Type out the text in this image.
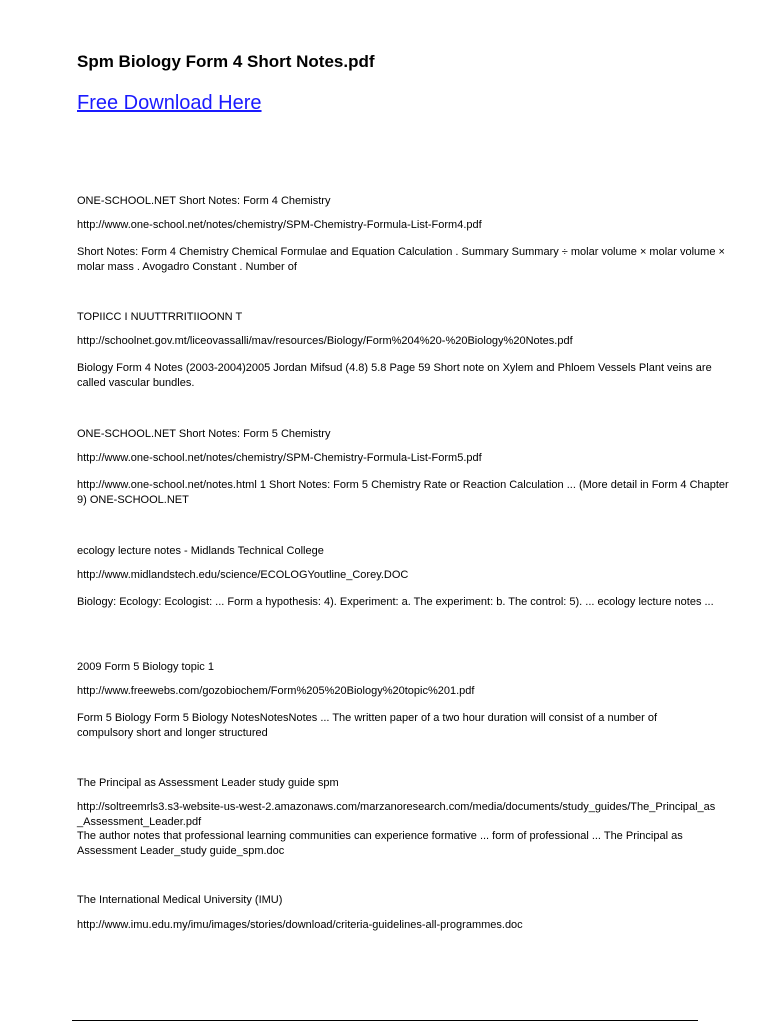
Spm Biology Form 4 Short Notes.pdf
Free Download Here

ONE-SCHOOL.NET Short Notes: Form 4 Chemistry

http://www.one-school.net/notes/chemistry/SPM-Chemistry-Formula-List-Form4.pdf

Short Notes: Form 4 Chemistry Chemical Formulae and Equation Calculation . Summary Summary ÷ molar volume × molar volume × molar mass . Avogadro Constant . Number of

TOPIICC I NUUTTRRITIIOONN T

http://schoolnet.gov.mt/liceovassalli/mav/resources/Biology/Form%204%20-%20Biology%20Notes.pdf

Biology Form 4 Notes (2003-2004)2005 Jordan Mifsud (4.8) 5.8 Page 59 Short note on Xylem and Phloem Vessels Plant veins are called vascular bundles.

ONE-SCHOOL.NET Short Notes: Form 5 Chemistry

http://www.one-school.net/notes/chemistry/SPM-Chemistry-Formula-List-Form5.pdf

http://www.one-school.net/notes.html 1 Short Notes: Form 5 Chemistry Rate or Reaction Calculation ... (More detail in Form 4 Chapter 9) ONE-SCHOOL.NET

ecology lecture notes - Midlands Technical College

http://www.midlandstech.edu/science/ECOLOGYoutline_Corey.DOC

Biology: Ecology: Ecologist: ... Form a hypothesis: 4). Experiment: a. The experiment: b. The control: 5). ... ecology lecture notes ...

2009 Form 5 Biology topic 1

http://www.freewebs.com/gozobiochem/Form%205%20Biology%20topic%201.pdf

Form 5 Biology Form 5 Biology NotesNotesNotes ... The written paper of a two hour duration will consist of a number of compulsory short and longer structured

The Principal as Assessment Leader study guide spm

http://soltreemrls3.s3-website-us-west-2.amazonaws.com/marzanoresearch.com/media/documents/study_guides/The_Principal_as_Assessment_Leader.pdf

The author notes that professional learning communities can experience formative ... form of professional ... The Principal as Assessment Leader_study guide_spm.doc

The International Medical University (IMU)

http://www.imu.edu.my/imu/images/stories/download/criteria-guidelines-all-programmes.doc
